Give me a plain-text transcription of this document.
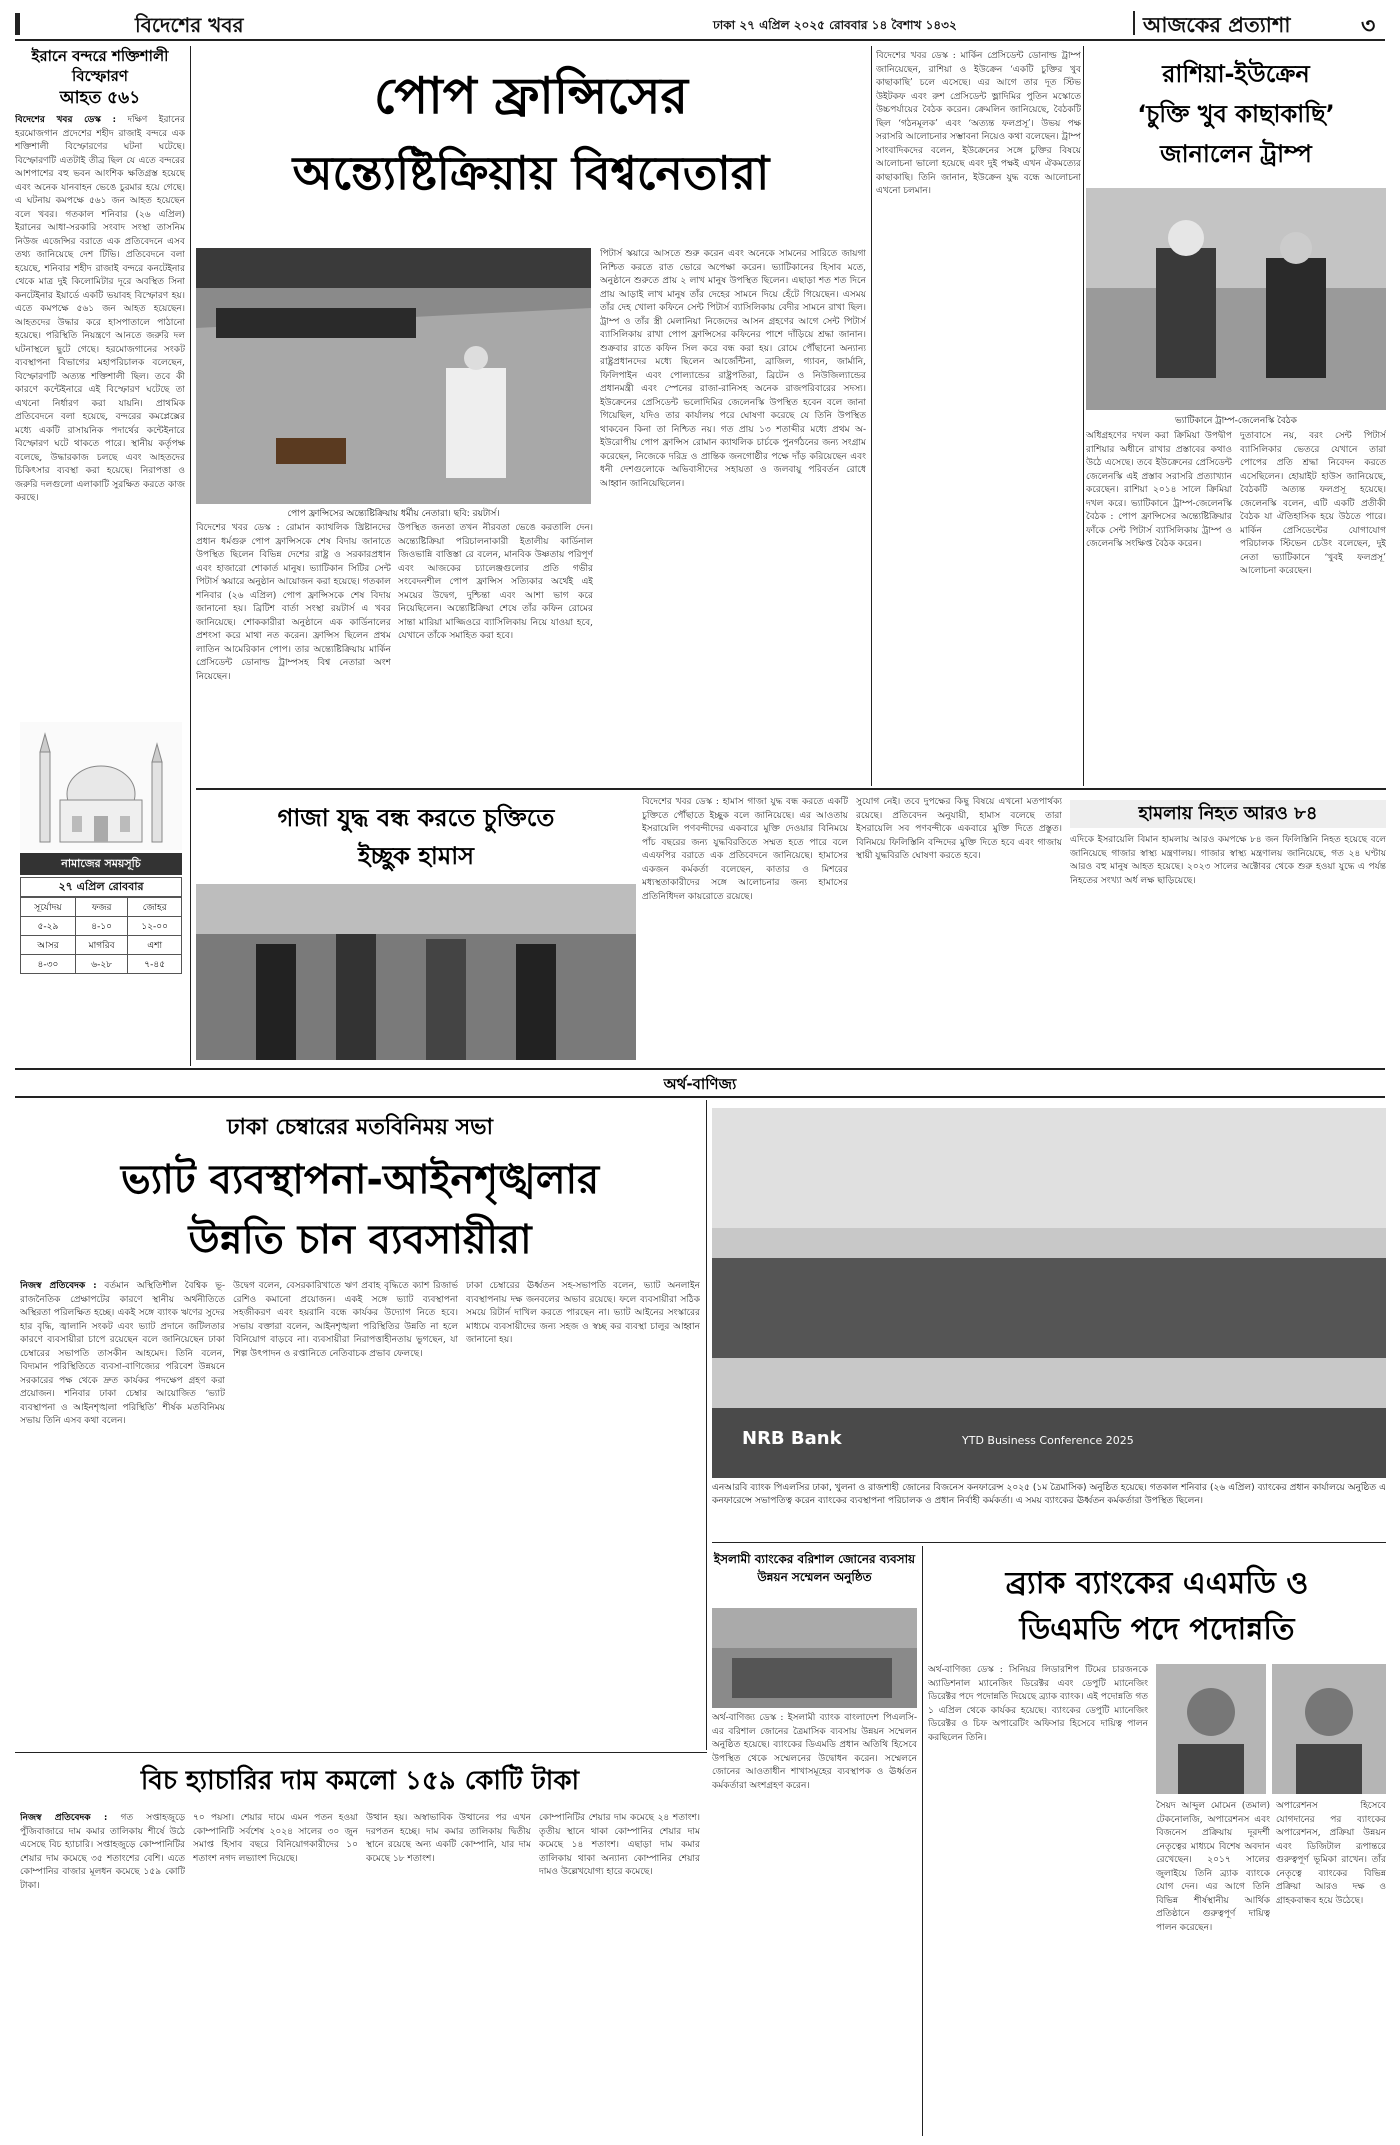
বিদেশের খবর	ঢাকা ২৭ এপ্রিল ২০২৫ রোববার ১৪ বৈশাখ ১৪৩২	আজকের প্রত্যাশা	৩
ইরানে বন্দরে শক্তিশালী বিস্ফোরণ
আহত ৫৬১
বিদেশের খবর ডেস্ক : দক্ষিণ ইরানের হরমোজগান প্রদেশের শহীদ রাজাই বন্দরে এক শক্তিশালী বিস্ফোরণের ঘটনা ঘটেছে। বিস্ফোরণটি এতটাই তীব্র ছিল যে এতে বন্দরের আশপাশের বহু ভবন আংশিক ক্ষতিগ্রস্ত হয়েছে এবং অনেক যানবাহন ভেঙে চুরমার হয়ে গেছে। এ ঘটনায় কমপক্ষে ৫৬১ জন আহত হয়েছেন বলে খবর। গতকাল শনিবার (২৬ এপ্রিল) ইরানের আধা-সরকারি সংবাদ সংস্থা তাসনিম নিউজ এজেন্সির বরাতে এক প্রতিবেদনে এসব তথ্য জানিয়েছে দেশ টিভি। প্রতিবেদনে বলা হয়েছে, শনিবার শহীদ রাজাই বন্দরে কনটেইনার থেকে মাত্র দুই কিলোমিটার দূরে অবস্থিত সিনা কনটেইনার ইয়ার্ডে একটি ভয়াবহ বিস্ফোরণ হয়। এতে কমপক্ষে ৫৬১ জন আহত হয়েছেন। আহতদের উদ্ধার করে হাসপাতালে পাঠানো হয়েছে। পরিস্থিতি নিয়ন্ত্রণে আনতে জরুরি দল ঘটনাস্থলে ছুটে গেছে। হরমোজগানের সংকট ব্যবস্থাপনা বিভাগের মহাপরিচালক বলেছেন, বিস্ফোরণটি অত্যন্ত শক্তিশালী ছিল। তবে কী কারণে কন্টেইনারে এই বিস্ফোরণ ঘটেছে তা এখনো নির্ধারণ করা যায়নি। প্রাথমিক প্রতিবেদনে বলা হয়েছে, বন্দরের কমপ্লেক্সের মধ্যে একটি রাসায়নিক পদার্থের কন্টেইনারে বিস্ফোরণ ঘটে থাকতে পারে। স্থানীয় কর্তৃপক্ষ বলেছে, উদ্ধারকাজ চলছে এবং আহতদের চিকিৎসার ব্যবস্থা করা হয়েছে। নিরাপত্তা ও জরুরি দলগুলো এলাকাটি সুরক্ষিত করতে কাজ করছে।
নামাজের সময়সূচি
২৭ এপ্রিল রোববার
সূর্যোদয়	ফজর	জোহর
৫-২৯	৪-১০	১২-০০
আসর	মাগরিব	এশা
৪-৩০	৬-২৮	৭-৪৫
পোপ ফ্রান্সিসের
অন্ত্যেষ্টিক্রিয়ায় বিশ্বনেতারা
পোপ ফ্রান্সিসের অন্ত্যেষ্টিক্রিয়ায় ধর্মীয় নেতারা। ছবি: রয়টার্স।
পিটার্স স্কয়ারে আসতে শুরু করেন এবং অনেকে সামনের সারিতে জায়গা নিশ্চিত করতে রাত ভোরে অপেক্ষা করেন। ভ্যাটিকানের হিসাব মতে, অনুষ্ঠানে শুরুতে প্রায় ২ লাখ মানুষ উপস্থিত ছিলেন। এছাড়া শত শত দিনে প্রায় আড়াই লাখ মানুষ তাঁর দেহের সামনে দিয়ে হেঁটে গিয়েছেন। এসময় তাঁর দেহ খোলা কফিনে সেন্ট পিটার্স ব্যাসিলিকায় বেদীর সামনে রাখা ছিল। ট্রাম্প ও তাঁর স্ত্রী মেলানিয়া নিজেদের আসন গ্রহণের আগে সেন্ট পিটার্স ব্যাসিলিকায় রাখা পোপ ফ্রান্সিসের কফিনের পাশে দাঁড়িয়ে শ্রদ্ধা জানান। শুক্রবার রাতে কফিন সিল করে বন্ধ করা হয়। রোমে পৌঁছানো অন্যান্য রাষ্ট্রপ্রধানদের মধ্যে ছিলেন আর্জেন্টিনা, ব্রাজিল, গ্যাবন, জার্মানি, ফিলিপাইন এবং পোল্যান্ডের রাষ্ট্রপতিরা, ব্রিটেন ও নিউজিল্যান্ডের প্রধানমন্ত্রী এবং স্পেনের রাজা-রানিসহ অনেক রাজপরিবারের সদস্য। ইউক্রেনের প্রেসিডেন্ট ভলোদিমির জেলেনস্কি উপস্থিত হবেন বলে জানা গিয়েছিল, যদিও তার কার্যালয় পরে ঘোষণা করেছে যে তিনি উপস্থিত থাকবেন কিনা তা নিশ্চিত নয়। গত প্রায় ১৩ শতাব্দীর মধ্যে প্রথম অ-ইউরোপীয় পোপ ফ্রান্সিস রোমান ক্যাথলিক চার্চকে পুনর্গঠনের জন্য সংগ্রাম করেছেন, নিজেকে দরিদ্র ও প্রান্তিক জনগোষ্ঠীর পক্ষে দাঁড় করিয়েছেন এবং ধনী দেশগুলোকে অভিবাসীদের সহায়তা ও জলবায়ু পরিবর্তন রোধে আহ্বান জানিয়েছিলেন।
বিদেশের খবর ডেস্ক : রোমান ক্যাথলিক খ্রিষ্টানদের প্রধান ধর্মগুরু পোপ ফ্রান্সিসকে শেষ বিদায় জানাতে উপস্থিত ছিলেন বিভিন্ন দেশের রাষ্ট্র ও সরকারপ্রধান এবং হাজারো শোকার্ত মানুষ। ভ্যাটিকান সিটির সেন্ট পিটার্স স্কয়ারে অনুষ্ঠান আয়োজন করা হয়েছে। গতকাল শনিবার (২৬ এপ্রিল) পোপ ফ্রান্সিসকে শেষ বিদায় জানানো হয়। ব্রিটিশ বার্তা সংস্থা রয়টার্স এ খবর জানিয়েছে। শোককারীরা অনুষ্ঠানে এক কার্ডিনালের প্রশংসা করে মাথা নত করেন। ফ্রান্সিস ছিলেন প্রথম লাতিন আমেরিকান পোপ। তার অন্ত্যেষ্টিক্রিয়ায় মার্কিন প্রেসিডেন্ট ডোনাল্ড ট্রাম্পসহ বিশ্ব নেতারা অংশ নিয়েছেন।
উপস্থিত জনতা তখন নীরবতা ভেঙে করতালি দেন। অন্ত্যেষ্টিক্রিয়া পরিচালনাকারী ইতালীয় কার্ডিনাল জিওভান্নি বাত্তিস্তা রে বলেন, মানবিক উষ্ণতায় পরিপূর্ণ এবং আজকের চ্যালেঞ্জগুলোর প্রতি গভীর সংবেদনশীল পোপ ফ্রান্সিস সত্যিকার অর্থেই এই সময়ের উদ্বেগ, দুশ্চিন্তা এবং আশা ভাগ করে নিয়েছিলেন। অন্ত্যেষ্টিক্রিয়া শেষে তাঁর কফিন রোমের সান্তা মারিয়া মাজ্জিওরে ব্যাসিলিকায় নিয়ে যাওয়া হবে, যেখানে তাঁকে সমাহিত করা হবে।
বিদেশের খবর ডেস্ক : মার্কিন প্রেসিডেন্ট ডোনাল্ড ট্রাম্প জানিয়েছেন, রাশিয়া ও ইউক্রেন ‘একটি চুক্তির খুব কাছাকাছি’ চলে এসেছে। এর আগে তার দূত স্টিভ উইটকফ এবং রুশ প্রেসিডেন্ট ভ্লাদিমির পুতিন মস্কোতে উচ্চপর্যায়ের বৈঠক করেন। ক্রেমলিন জানিয়েছে, বৈঠকটি ছিল ‘গঠনমূলক’ এবং ‘অত্যন্ত ফলপ্রসূ’। উভয় পক্ষ সরাসরি আলোচনার সম্ভাবনা নিয়েও কথা বলেছেন। ট্রাম্প সাংবাদিকদের বলেন, ইউক্রেনের সঙ্গে চুক্তির বিষয়ে আলোচনা ভালো হয়েছে এবং দুই পক্ষই এখন ঐকমত্যের কাছাকাছি। তিনি জানান, ইউক্রেন যুদ্ধ বন্ধে আলোচনা এখনো চলমান।
রাশিয়া-ইউক্রেন
‘চুক্তি খুব কাছাকাছি’
জানালেন ট্রাম্প
ভ্যাটিকানে ট্রাম্প-জেলেনস্কি বৈঠক
অধিগ্রহণের দখল করা ক্রিমিয়া উপদ্বীপ রাশিয়ার অধীনে রাখার প্রস্তাবের কথাও উঠে এসেছে। তবে ইউক্রেনের প্রেসিডেন্ট জেলেনস্কি এই প্রস্তাব সরাসরি প্রত্যাখ্যান করেছেন। রাশিয়া ২০১৪ সালে ক্রিমিয়া দখল করে। ভ্যাটিকানে ট্রাম্প-জেলেনস্কি বৈঠক : পোপ ফ্রান্সিসের অন্ত্যেষ্টিক্রিয়ার ফাঁকে সেন্ট পিটার্স ব্যাসিলিকায় ট্রাম্প ও জেলেনস্কি সংক্ষিপ্ত বৈঠক করেন।
দুতাবাসে নয়, বরং সেন্ট পিটার্স ব্যাসিলিকার ভেতরে যেখানে তারা পোপের প্রতি শ্রদ্ধা নিবেদন করতে এসেছিলেন। হোয়াইট হাউস জানিয়েছে, বৈঠকটি অত্যন্ত ফলপ্রসূ হয়েছে। জেলেনস্কি বলেন, এটি একটি প্রতীকী বৈঠক যা ঐতিহাসিক হয়ে উঠতে পারে। মার্কিন প্রেসিডেন্টের যোগাযোগ পরিচালক স্টিভেন চেউং বলেছেন, দুই নেতা ভ্যাটিকানে ‘খুবই ফলপ্রসূ’ আলোচনা করেছেন।
গাজা যুদ্ধ বন্ধ করতে চুক্তিতে
ইচ্ছুক হামাস
বিদেশের খবর ডেস্ক : হামাস গাজা যুদ্ধ বন্ধ করতে একটি চুক্তিতে পৌঁছাতে ইচ্ছুক বলে জানিয়েছে। এর আওতায় ইসরায়েলি পণবন্দীদের একবারে মুক্তি দেওয়ার বিনিময়ে পাঁচ বছরের জন্য যুদ্ধবিরতিতে সম্মত হতে পারে বলে এএফপির বরাতে এক প্রতিবেদনে জানিয়েছে। হামাসের একজন কর্মকর্তা বলেছেন, কাতার ও মিশরের মধ্যস্থতাকারীদের সঙ্গে আলোচনার জন্য হামাসের প্রতিনিধিদল কায়রোতে রয়েছে।
সুযোগ নেই। তবে দুপক্ষের কিছু বিষয়ে এখনো মতপার্থক্য রয়েছে। প্রতিবেদন অনুযায়ী, হামাস বলেছে তারা ইসরায়েলি সব পণবন্দীকে একবারে মুক্তি দিতে প্রস্তুত। বিনিময়ে ফিলিস্তিনি বন্দিদের মুক্তি দিতে হবে এবং গাজায় স্থায়ী যুদ্ধবিরতি ঘোষণা করতে হবে।
হামলায় নিহত আরও ৮৪
এদিকে ইসরায়েলি বিমান হামলায় আরও কমপক্ষে ৮৪ জন ফিলিস্তিনি নিহত হয়েছে বলে জানিয়েছে গাজার স্বাস্থ্য মন্ত্রণালয়। গাজার স্বাস্থ্য মন্ত্রণালয় জানিয়েছে, গত ২৪ ঘণ্টায় আরও বহু মানুষ আহত হয়েছে। ২০২৩ সালের অক্টোবর থেকে শুরু হওয়া যুদ্ধে এ পর্যন্ত নিহতের সংখ্যা অর্ধ লক্ষ ছাড়িয়েছে।
অর্থ-বাণিজ্য
ঢাকা চেম্বারের মতবিনিময় সভা
ভ্যাট ব্যবস্থাপনা-আইনশৃঙ্খলার
উন্নতি চান ব্যবসায়ীরা
নিজস্ব প্রতিবেদক : বর্তমান অস্থিতিশীল বৈশ্বিক ভূ-রাজনৈতিক প্রেক্ষাপটের কারণে স্থানীয় অর্থনীতিতে অস্থিরতা পরিলক্ষিত হচ্ছে। একই সঙ্গে ব্যাংক ঋণের সুদের হার বৃদ্ধি, জ্বালানি সংকট এবং ভ্যাট প্রদানে জটিলতার কারণে ব্যবসায়ীরা চাপে রয়েছেন বলে জানিয়েছেন ঢাকা চেম্বারের সভাপতি তাসকীন আহমেদ। তিনি বলেন, বিদ্যমান পরিস্থিতিতে ব্যবসা-বাণিজ্যের পরিবেশ উন্নয়নে সরকারের পক্ষ থেকে দ্রুত কার্যকর পদক্ষেপ গ্রহণ করা প্রয়োজন। শনিবার ঢাকা চেম্বার আয়োজিত ‘ভ্যাট ব্যবস্থাপনা ও আইনশৃঙ্খলা পরিস্থিতি’ শীর্ষক মতবিনিময় সভায় তিনি এসব কথা বলেন।
উদ্বেগ বলেন, বেসরকারিখাতে ঋণ প্রবাহ বৃদ্ধিতে ক্যাশ রিজার্ভ রেশিও কমানো প্রয়োজন। একই সঙ্গে ভ্যাট ব্যবস্থাপনা সহজীকরণ এবং হয়রানি বন্ধে কার্যকর উদ্যোগ নিতে হবে। সভায় বক্তারা বলেন, আইনশৃঙ্খলা পরিস্থিতির উন্নতি না হলে বিনিয়োগ বাড়বে না। ব্যবসায়ীরা নিরাপত্তাহীনতায় ভুগছেন, যা শিল্প উৎপাদন ও রপ্তানিতে নেতিবাচক প্রভাব ফেলছে।
ঢাকা চেম্বারের ঊর্ধ্বতন সহ-সভাপতি বলেন, ভ্যাট অনলাইন ব্যবস্থাপনায় দক্ষ জনবলের অভাব রয়েছে। ফলে ব্যবসায়ীরা সঠিক সময়ে রিটার্ন দাখিল করতে পারছেন না। ভ্যাট আইনের সংস্কারের মাধ্যমে ব্যবসায়ীদের জন্য সহজ ও স্বচ্ছ কর ব্যবস্থা চালুর আহ্বান জানানো হয়।
NRB Bank	YTD Business Conference 2025
এনআরবি ব্যাংক পিএলসির ঢাকা, খুলনা ও রাজশাহী জোনের বিজনেস কনফারেন্স ২০২৫ (১ম ত্রৈমাসিক) অনুষ্ঠিত হয়েছে। গতকাল শনিবার (২৬ এপ্রিল) ব্যাংকের প্রধান কার্যালয়ে অনুষ্ঠিত এ কনফারেন্সে সভাপতিত্ব করেন ব্যাংকের ব্যবস্থাপনা পরিচালক ও প্রধান নির্বাহী কর্মকর্তা। এ সময় ব্যাংকের ঊর্ধ্বতন কর্মকর্তারা উপস্থিত ছিলেন।
ইসলামী ব্যাংকের বরিশাল জোনের ব্যবসায় উন্নয়ন সম্মেলন অনুষ্ঠিত
অর্থ-বাণিজ্য ডেস্ক : ইসলামী ব্যাংক বাংলাদেশ পিএলসি-এর বরিশাল জোনের ত্রৈমাসিক ব্যবসায় উন্নয়ন সম্মেলন অনুষ্ঠিত হয়েছে। ব্যাংকের ডিএমডি প্রধান অতিথি হিসেবে উপস্থিত থেকে সম্মেলনের উদ্বোধন করেন। সম্মেলনে জোনের আওতাধীন শাখাসমূহের ব্যবস্থাপক ও ঊর্ধ্বতন কর্মকর্তারা অংশগ্রহণ করেন।
ব্র্যাক ব্যাংকের এএমডি ও
ডিএমডি পদে পদোন্নতি
অর্থ-বাণিজ্য ডেস্ক : সিনিয়র লিডারশিপ টিমের চারজনকে অ্যাডিশনাল ম্যানেজিং ডিরেক্টর এবং ডেপুটি ম্যানেজিং ডিরেক্টর পদে পদোন্নতি দিয়েছে ব্র্যাক ব্যাংক। এই পদোন্নতি গত ১ এপ্রিল থেকে কার্যকর হয়েছে। ব্যাংকের ডেপুটি ম্যানেজিং ডিরেক্টর ও চিফ অপারেটিং অফিসার হিসেবে দায়িত্ব পালন করছিলেন তিনি।
সৈয়দ আব্দুল মোমেন (তমাল) টেকনোলজি, অপারেশনস এবং বিজনেস প্রক্রিয়ায় দূরদর্শী নেতৃত্বের মাধ্যমে বিশেষ অবদান রেখেছেন। ২০১৭ সালের জুলাইয়ে তিনি ব্র্যাক ব্যাংকে যোগ দেন। এর আগে তিনি বিভিন্ন শীর্ষস্থানীয় আর্থিক প্রতিষ্ঠানে গুরুত্বপূর্ণ দায়িত্ব পালন করেছেন।
অপারেশনস হিসেবে যোগদানের পর ব্যাংকের অপারেশনস, প্রক্রিয়া উন্নয়ন এবং ডিজিটাল রূপান্তরে গুরুত্বপূর্ণ ভূমিকা রাখেন। তাঁর নেতৃত্বে ব্যাংকের বিভিন্ন প্রক্রিয়া আরও দক্ষ ও গ্রাহকবান্ধব হয়ে উঠেছে।
বিচ হ্যাচারির দাম কমলো ১৫৯ কোটি টাকা
নিজস্ব প্রতিবেদক : গত সপ্তাহজুড়ে পুঁজিবাজারে দাম কমার তালিকায় শীর্ষে উঠে এসেছে বিচ হ্যাচারি। সপ্তাহজুড়ে কোম্পানিটির শেয়ার দাম কমেছে ৩৫ শতাংশের বেশি। এতে কোম্পানির বাজার মূলধন কমেছে ১৫৯ কোটি টাকা।
৭০ পয়সা। শেয়ার দামে এমন পতন হওয়া কোম্পানিটি সর্বশেষ ২০২৪ সালের ৩০ জুন সমাপ্ত হিসাব বছরে বিনিয়োগকারীদের ১০ শতাংশ নগদ লভ্যাংশ দিয়েছে।
উত্থান হয়। অস্বাভাবিক উত্থানের পর এখন দরপতন হচ্ছে। দাম কমার তালিকায় দ্বিতীয় স্থানে রয়েছে অন্য একটি কোম্পানি, যার দাম কমেছে ১৮ শতাংশ।
কোম্পানিটির শেয়ার দাম কমেছে ২৪ শতাংশ। তৃতীয় স্থানে থাকা কোম্পানির শেয়ার দাম কমেছে ১৪ শতাংশ। এছাড়া দাম কমার তালিকায় থাকা অন্যান্য কোম্পানির শেয়ার দামও উল্লেখযোগ্য হারে কমেছে।
